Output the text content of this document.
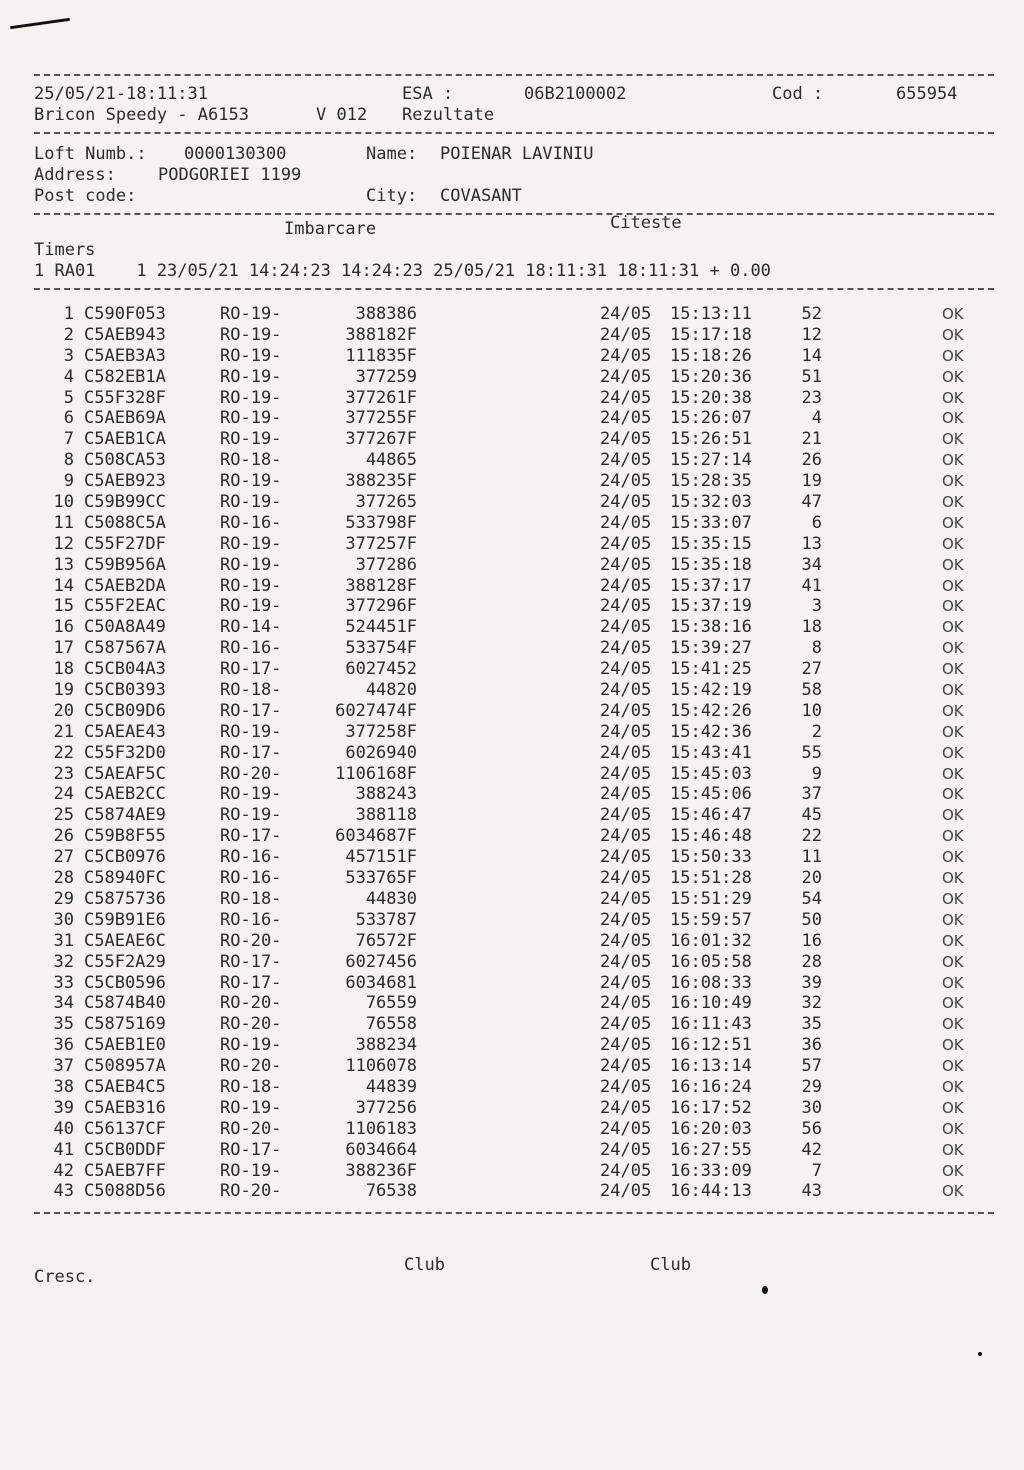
25/05/21-18:11:31

	ESA :

	06B2100002

	Cod :

	655954

Bricon Speedy - A6153

	V 012

Rezultate

Loft Numb.:

0000130300

	Name:

POIENAR LAVINIU

Address:

PODGORIEI 1199

Post code:

	City:

COVASANT

Imbarcare

	Citeste

Timers

1 RA01    1 23/05/21 14:24:23 14:24:23 25/05/21 18:11:31 18:11:31 + 0.00

1 C590F053	RO-19-	388386	24/05 15:13:11	52	OK
2 C5AEB943	RO-19-	388182F	24/05 15:17:18	12	OK
3 C5AEB3A3	RO-19-	111835F	24/05 15:18:26	14	OK
4 C582EB1A	RO-19-	377259	24/05 15:20:36	51	OK
5 C55F328F	RO-19-	377261F	24/05 15:20:38	23	OK
6 C5AEB69A	RO-19-	377255F	24/05 15:26:07	4	OK
7 C5AEB1CA	RO-19-	377267F	24/05 15:26:51	21	OK
8 C508CA53	RO-18-	44865	24/05 15:27:14	26	OK
9 C5AEB923	RO-19-	388235F	24/05 15:28:35	19	OK
10 C59B99CC	RO-19-	377265	24/05 15:32:03	47	OK
11 C5088C5A	RO-16-	533798F	24/05 15:33:07	6	OK
12 C55F27DF	RO-19-	377257F	24/05 15:35:15	13	OK
13 C59B956A	RO-19-	377286	24/05 15:35:18	34	OK
14 C5AEB2DA	RO-19-	388128F	24/05 15:37:17	41	OK
15 C55F2EAC	RO-19-	377296F	24/05 15:37:19	3	OK
16 C50A8A49	RO-14-	524451F	24/05 15:38:16	18	OK
17 C587567A	RO-16-	533754F	24/05 15:39:27	8	OK
18 C5CB04A3	RO-17-	6027452	24/05 15:41:25	27	OK
19 C5CB0393	RO-18-	44820	24/05 15:42:19	58	OK
20 C5CB09D6	RO-17-	6027474F	24/05 15:42:26	10	OK
21 C5AEAE43	RO-19-	377258F	24/05 15:42:36	2	OK
22 C55F32D0	RO-17-	6026940	24/05 15:43:41	55	OK
23 C5AEAF5C	RO-20-	1106168F	24/05 15:45:03	9	OK
24 C5AEB2CC	RO-19-	388243	24/05 15:45:06	37	OK
25 C5874AE9	RO-19-	388118	24/05 15:46:47	45	OK
26 C59B8F55	RO-17-	6034687F	24/05 15:46:48	22	OK
27 C5CB0976	RO-16-	457151F	24/05 15:50:33	11	OK
28 C58940FC	RO-16-	533765F	24/05 15:51:28	20	OK
29 C5875736	RO-18-	44830	24/05 15:51:29	54	OK
30 C59B91E6	RO-16-	533787	24/05 15:59:57	50	OK
31 C5AEAE6C	RO-20-	76572F	24/05 16:01:32	16	OK
32 C55F2A29	RO-17-	6027456	24/05 16:05:58	28	OK
33 C5CB0596	RO-17-	6034681	24/05 16:08:33	39	OK
34 C5874B40	RO-20-	76559	24/05 16:10:49	32	OK
35 C5875169	RO-20-	76558	24/05 16:11:43	35	OK
36 C5AEB1E0	RO-19-	388234	24/05 16:12:51	36	OK
37 C508957A	RO-20-	1106078	24/05 16:13:14	57	OK
38 C5AEB4C5	RO-18-	44839	24/05 16:16:24	29	OK
39 C5AEB316	RO-19-	377256	24/05 16:17:52	30	OK
40 C56137CF	RO-20-	1106183	24/05 16:20:03	56	OK
41 C5CB0DDF	RO-17-	6034664	24/05 16:27:55	42	OK
42 C5AEB7FF	RO-19-	388236F	24/05 16:33:09	7	OK
43 C5088D56	RO-20-	76538	24/05 16:44:13	43	OK
Cresc.
Club	Club
